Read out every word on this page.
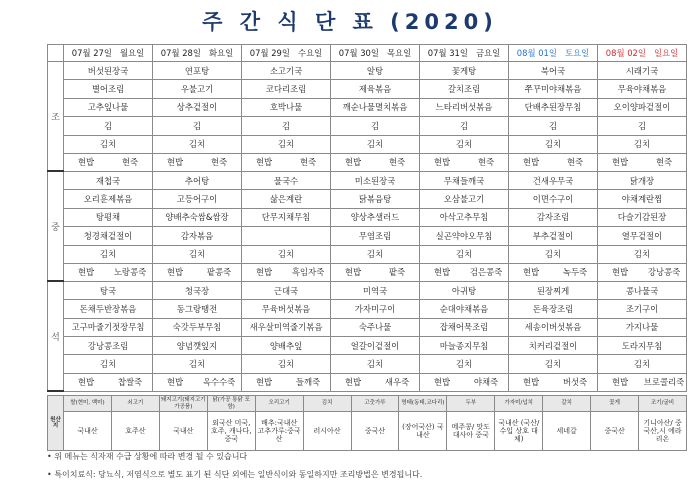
주 간 식 단 표 (2020)
	07월 27일 월요일	07월 28일 화요일	07월 29일 수요일	07월 30일 목요일	07월 31일 금요일	08월 01일 토요일	08월 02일 일요일
조	버섯된장국	연포탕	소고기국	알탕	꽃게탕	북어국	시래기국
	별어조림	우불고기	코다리조림	제육볶음	갈치조림	쭈꾸미야채볶음	무육야채볶음
	고추잎나물	상추겉절이	호박나물	깨순나물멸치볶음	느타리버섯볶음	단배추된장무침	오이양파겉절이
	김	김	김	김	김	김	김
	김치	김치	김치	김치	김치	김치	김치
	현밥 현죽	현밥 현죽	현밥 현죽	현밥 현죽	현밥 현죽	현밥 현죽	현밥 현죽
중	재첩국	추어탕	물국수	미소된장국	무채들깨국	건새우무국	닭개장
	오리훈제볶음	고등어구이	삶은계란	닭볶음탕	오삼불고기	이면수구이	야채계란찜
	탕평채	양배추숙쌈&쌈장	단무지채무침	양상추샐러드	아삭고추무침	감자조림	다슬기감된장
	청경채겉절이	감자볶음		무염조림	실곤약야오무침	부추겉절이	열무겉절이
	김치	김치	김치	김치	김치	김치	김치
	현밥 노랑콩죽	현밥 팥콩죽	현밥 흑임자죽	현밥 팥죽	현밥 검은콩죽	현밥 녹두죽	현밥 강낭콩죽
석	탕국	청국장	근대국	미역국	아귀탕	된장찌게	콩나물국
	돈채두반장볶음	동그랑땡전	무육버섯볶음	가자미구이	순대야채볶음	돈육장조림	조기구이
	고구마줄기젓장무침	숙갓두부무침	새우살미역줄기볶음	숙주나물	잡채어묵조림	세송이버섯볶음	가지나물
	강낭콩조림	양념깻잎지	양배추잎	얼갈이겉절이	마늘종지무침	치커리겉절이	도라지무침
	김치	김치	김치	김치	김치	김치	김치
	현밥 찹쌀죽	현밥 옥수수죽	현밥 들깨죽	현밥 새우죽	현밥 야채죽	현밥 버섯죽	현밥 브로콜리죽
원산지	쌀(현미, 백미)	쇠고기	돼지고기(돼지고기 가공품)	닭(가공 통닭 포함)	오리고기	김치	고춧가루	명태(동태,코다리)	두부	가자미/넙치	갈치	꽃게	조기/굴비
	국내산	호주산	국내산	외국산 미국,호주, 캐나다, 중국	배추:국내산 고추가루:중국산	러시아산	중국산	(장어국산) 국내산	메주콩/ 맛도대사아 중국	국내산 (국산/수입 상호 대체)	세네갈	중국산	기니아산/ 중국산,시 에라리온
• 위 메뉴는 식자재 수급 상황에 따라 변경 될 수 있습니다
• 특이치료식: 당뇨식, 저염식으로 별도 표기 된 식단 외에는 일반식이와 동일하지만 조리방법은 변경됩니다.
